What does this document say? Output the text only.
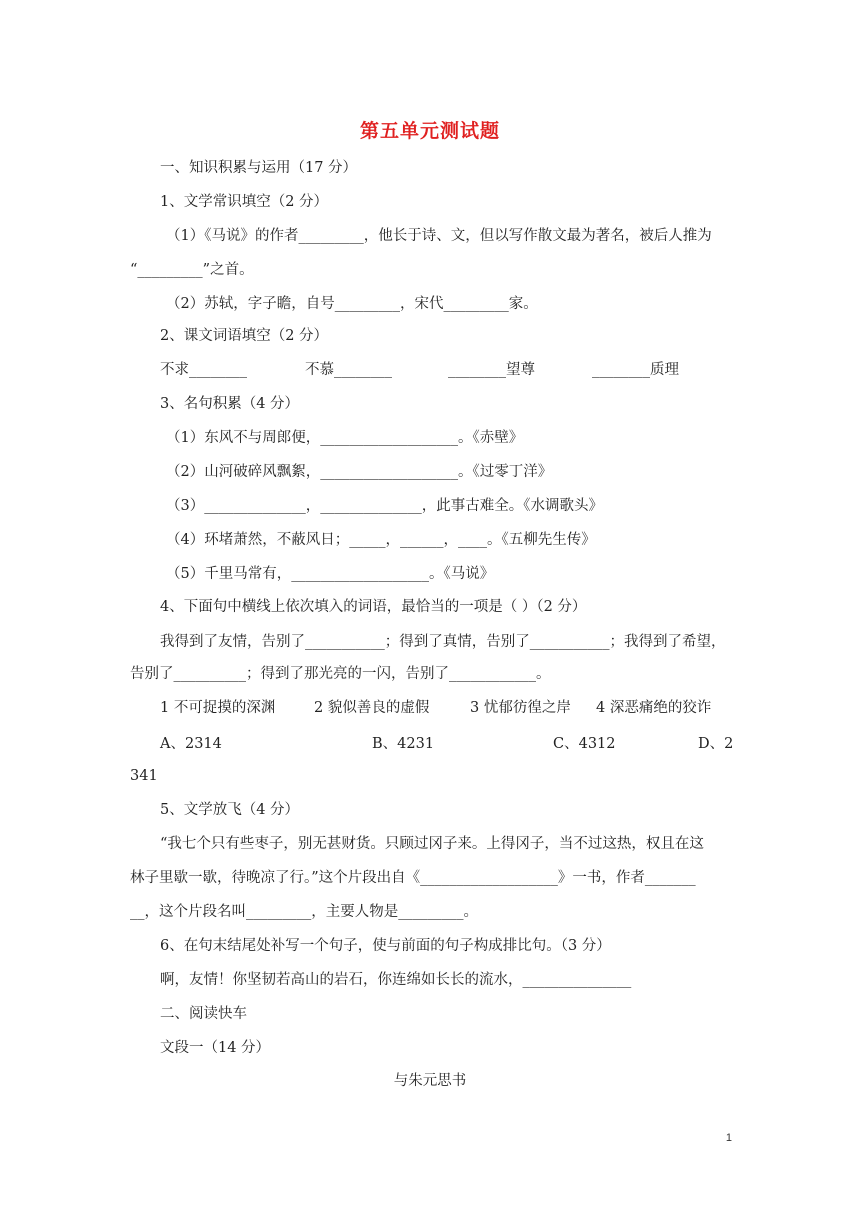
第五单元测试题
一、知识积累与运用（17 分）
1、文学常识填空（2 分）
（1）《马说》的作者_________，他长于诗、文，但以写作散文最为著名，被后人推为
“_________”之首。
（2）苏轼，字子瞻，自号_________，宋代_________家。
2、课文词语填空（2 分）
不求________	不慕________	________望尊	________质理
3、名句积累（4 分）
（1）东风不与周郎便，___________________。《赤壁》
（2）山河破碎风飘絮，___________________。《过零丁洋》
（3）______________，______________，此事古难全。《水调歌头》
（4）环堵萧然，不蔽风日；_____，______，____。《五柳先生传》
（5）千里马常有，___________________。《马说》
4、下面句中横线上依次填入的词语，最恰当的一项是（ ）（2 分）
我得到了友情，告别了___________；得到了真情，告别了___________；我得到了希望，
告别了__________；得到了那光亮的一闪，告别了____________。
1 不可捉摸的深渊	2 貌似善良的虚假	3 忧郁彷徨之岸 4 深恶痛绝的狡诈
A、2314	B、4231	C、4312	D、2
341
5、文学放飞（4 分）
“我七个只有些枣子，别无甚财货。只顾过冈子来。上得冈子，当不过这热，权且在这
林子里歇一歇，待晚凉了行。”这个片段出自《___________________》一书，作者_______
__，这个片段名叫_________，主要人物是_________。
6、在句末结尾处补写一个句子，使与前面的句子构成排比句。（3 分）
啊，友情！你坚韧若高山的岩石，你连绵如长长的流水，_______________
二、阅读快车
文段一（14 分）
与朱元思书
1
